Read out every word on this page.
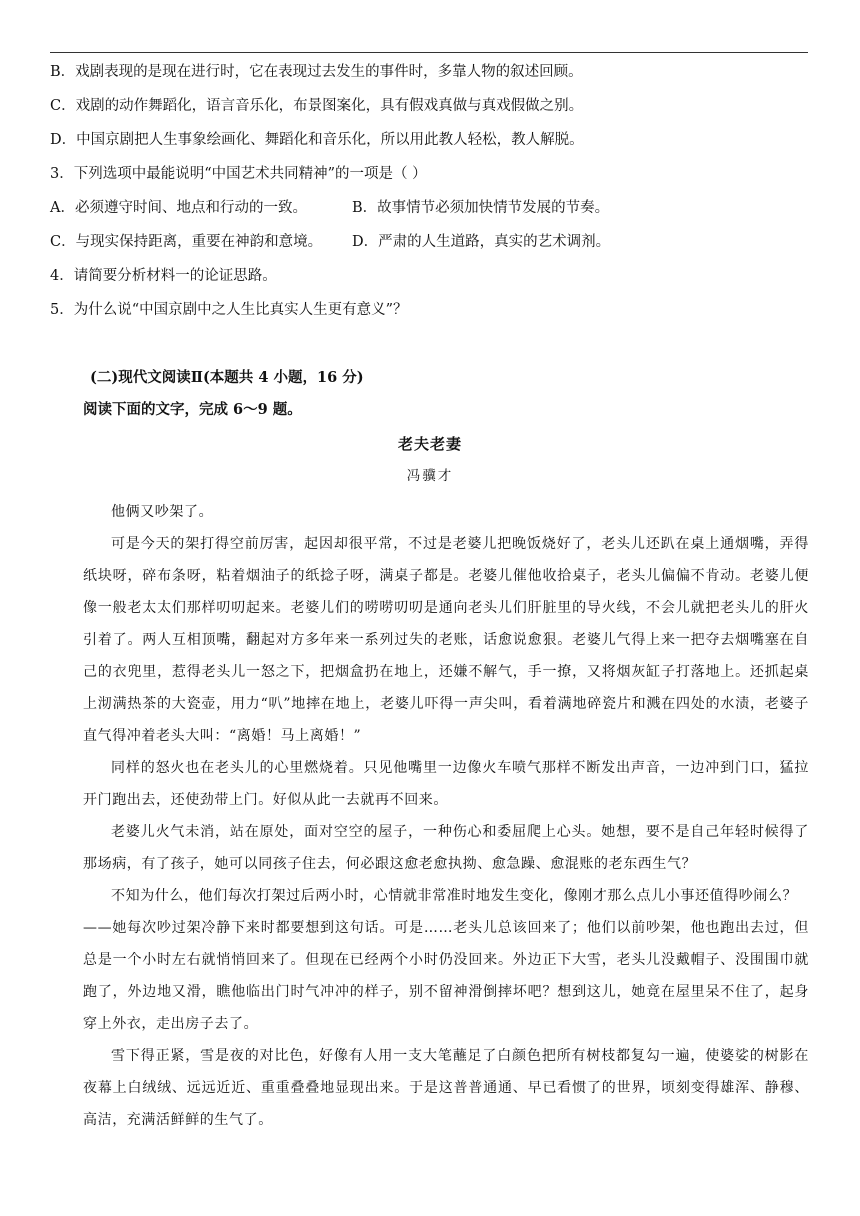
B．戏剧表现的是现在进行时，它在表现过去发生的事件时，多靠人物的叙述回顾。
C．戏剧的动作舞蹈化，语言音乐化，布景图案化，具有假戏真做与真戏假做之别。
D．中国京剧把人生事象绘画化、舞蹈化和音乐化，所以用此教人轻松，教人解脱。
3．下列选项中最能说明“中国艺术共同精神”的一项是（ ）
A．必须遵守时间、地点和行动的一致。	B．故事情节必须加快情节发展的节奏。
C．与现实保持距离，重要在神韵和意境。 D．严肃的人生道路，真实的艺术调剂。
4．请简要分析材料一的论证思路。
5．为什么说“中国京剧中之人生比真实人生更有意义”？
(二)现代文阅读Ⅱ(本题共 4 小题，16 分)
阅读下面的文字，完成 6～9 题。
老夫老妻
冯骥才

他俩又吵架了。

可是今天的架打得空前厉害，起因却很平常，不过是老婆儿把晚饭烧好了，老头儿还趴在桌上通烟嘴，弄得纸块呀，碎布条呀，粘着烟油子的纸捻子呀，满桌子都是。老婆儿催他收拾桌子，老头儿偏偏不肯动。老婆儿便像一般老太太们那样叨叨起来。老婆儿们的唠唠叨叨是通向老头儿们肝脏里的导火线，不会儿就把老头儿的肝火引着了。两人互相顶嘴，翻起对方多年来一系列过失的老账，话愈说愈狠。老婆儿气得上来一把夺去烟嘴塞在自己的衣兜里，惹得老头儿一怒之下，把烟盒扔在地上，还嫌不解气，手一撩，又将烟灰缸子打落地上。还抓起桌上沏满热茶的大瓷壶，用力“叭”地摔在地上，老婆儿吓得一声尖叫，看着满地碎瓷片和溅在四处的水渍，老婆子直气得冲着老头大叫：“离婚！马上离婚！”

同样的怒火也在老头儿的心里燃烧着。只见他嘴里一边像火车喷气那样不断发出声音，一边冲到门口，猛拉开门跑出去，还使劲带上门。好似从此一去就再不回来。

老婆儿火气未消，站在原处，面对空空的屋子，一种伤心和委屈爬上心头。她想，要不是自己年轻时候得了那场病，有了孩子，她可以同孩子住去，何必跟这愈老愈执拗、愈急躁、愈混账的老东西生气？

不知为什么，他们每次打架过后两小时，心情就非常准时地发生变化，像刚才那么点儿小事还值得吵闹么？

——她每次吵过架冷静下来时都要想到这句话。可是……老头儿总该回来了；他们以前吵架，他也跑出去过，但总是一个小时左右就悄悄回来了。但现在已经两个小时仍没回来。外边正下大雪，老头儿没戴帽子、没围围巾就跑了，外边地又滑，瞧他临出门时气冲冲的样子，别不留神滑倒摔坏吧？想到这儿，她竟在屋里呆不住了，起身穿上外衣，走出房子去了。

雪下得正紧，雪是夜的对比色，好像有人用一支大笔蘸足了白颜色把所有树枝都复勾一遍，使婆娑的树影在夜幕上白绒绒、远远近近、重重叠叠地显现出来。于是这普普通通、早已看惯了的世界，顷刻变得雄浑、静穆、高洁，充满活鲜鲜的生气了。
